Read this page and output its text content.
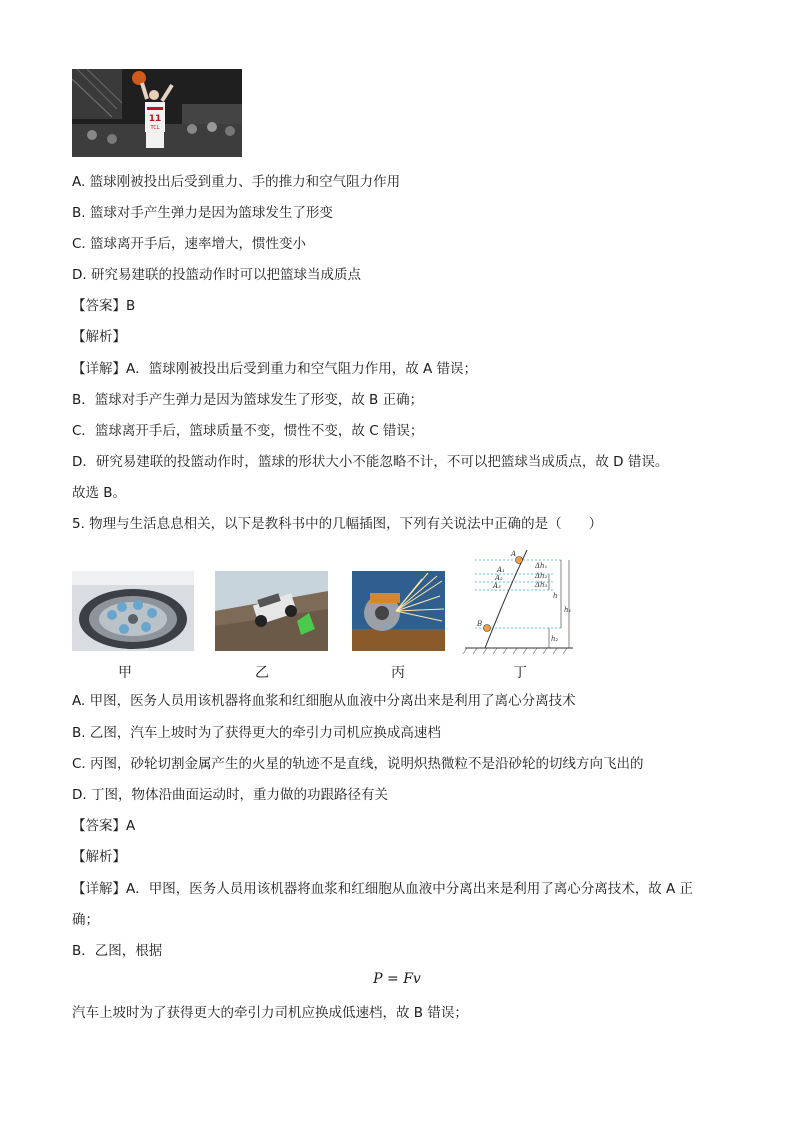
11
TCL
A. 篮球刚被投出后受到重力、手的推力和空气阻力作用
B. 篮球对手产生弹力是因为篮球发生了形变
C. 篮球离开手后，速率增大，惯性变小
D. 研究易建联的投篮动作时可以把篮球当成质点
【答案】B
【解析】
【详解】A．篮球刚被投出后受到重力和空气阻力作用，故 A 错误；
B．篮球对手产生弹力是因为篮球发生了形变，故 B 正确；
C．篮球离开手后，篮球质量不变，惯性不变，故 C 错误；
D．研究易建联的投篮动作时，篮球的形状大小不能忽略不计，不可以把篮球当成质点，故 D 错误。
故选 B。
5. 物理与生活息息相关，以下是教科书中的几幅插图，下列有关说法中正确的是（　　）
A
A₁
A₂
A₃
Δh₁
Δh₂
Δh₃
B
h
h₁
h₂
甲	乙	丙	丁
A. 甲图，医务人员用该机器将血浆和红细胞从血液中分离出来是利用了离心分离技术
B. 乙图，汽车上坡时为了获得更大的牵引力司机应换成高速档
C. 丙图，砂轮切割金属产生的火星的轨迹不是直线，说明炽热微粒不是沿砂轮的切线方向飞出的
D. 丁图，物体沿曲面运动时，重力做的功跟路径有关
【答案】A
【解析】
【详解】A．甲图，医务人员用该机器将血浆和红细胞从血液中分离出来是利用了离心分离技术，故 A 正
确；
B．乙图，根据
P = Fv
汽车上坡时为了获得更大的牵引力司机应换成低速档，故 B 错误；
